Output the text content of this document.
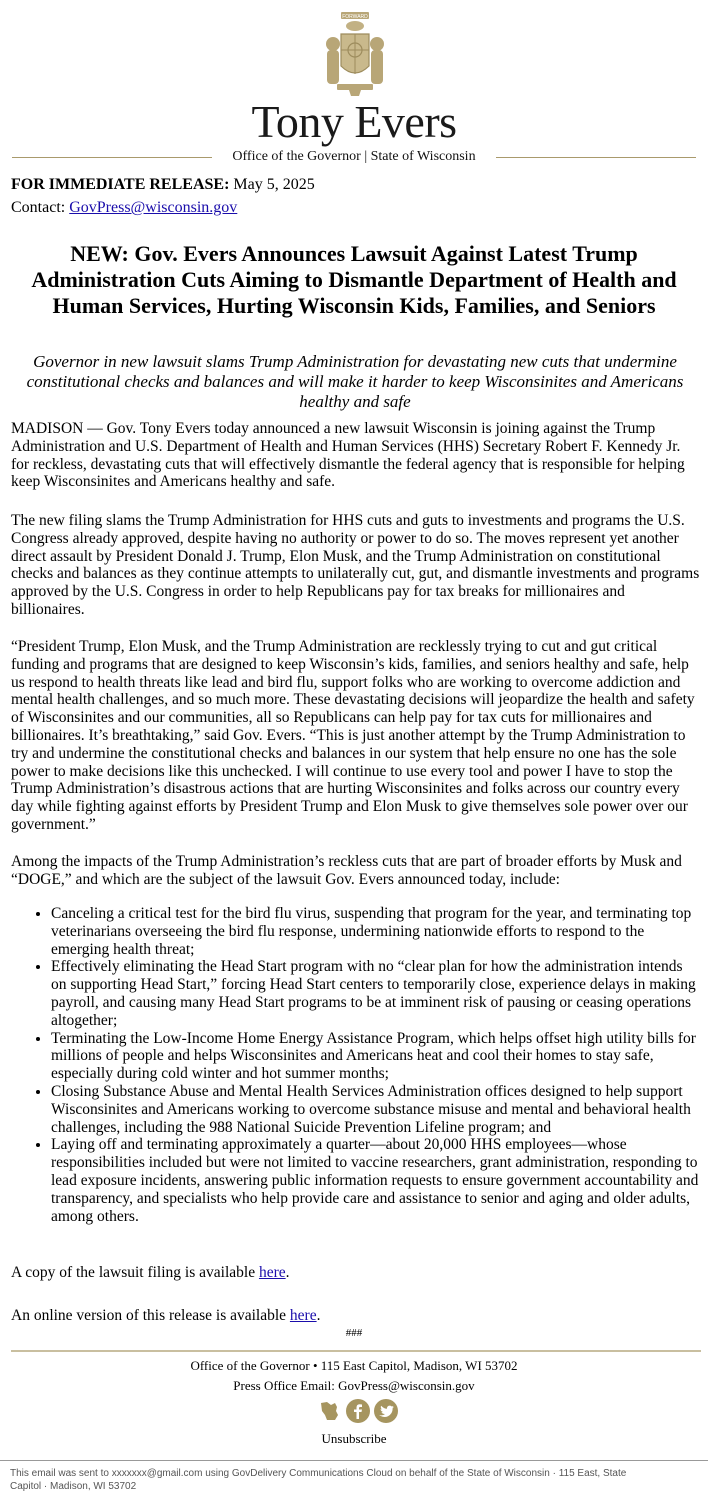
FORWARD
Tony Evers
Office of the Governor | State of Wisconsin
FOR IMMEDIATE RELEASE: May 5, 2025
Contact: GovPress@wisconsin.gov
NEW: Gov. Evers Announces Lawsuit Against Latest Trump Administration Cuts Aiming to Dismantle Department of Health and Human Services, Hurting Wisconsin Kids, Families, and Seniors

Governor in new lawsuit slams Trump Administration for devastating new cuts that undermine constitutional checks and balances and will make it harder to keep Wisconsinites and Americans healthy and safe

MADISON — Gov. Tony Evers today announced a new lawsuit Wisconsin is joining against the Trump Administration and U.S. Department of Health and Human Services (HHS) Secretary Robert F. Kennedy Jr. for reckless, devastating cuts that will effectively dismantle the federal agency that is responsible for helping keep Wisconsinites and Americans healthy and safe.

The new filing slams the Trump Administration for HHS cuts and guts to investments and programs the U.S. Congress already approved, despite having no authority or power to do so. The moves represent yet another direct assault by President Donald J. Trump, Elon Musk, and the Trump Administration on constitutional checks and balances as they continue attempts to unilaterally cut, gut, and dismantle investments and programs approved by the U.S. Congress in order to help Republicans pay for tax breaks for millionaires and billionaires.

“President Trump, Elon Musk, and the Trump Administration are recklessly trying to cut and gut critical funding and programs that are designed to keep Wisconsin’s kids, families, and seniors healthy and safe, help us respond to health threats like lead and bird flu, support folks who are working to overcome addiction and mental health challenges, and so much more. These devastating decisions will jeopardize the health and safety of Wisconsinites and our communities, all so Republicans can help pay for tax cuts for millionaires and billionaires. It’s breathtaking,” said Gov. Evers. “This is just another attempt by the Trump Administration to try and undermine the constitutional checks and balances in our system that help ensure no one has the sole power to make decisions like this unchecked. I will continue to use every tool and power I have to stop the Trump Administration’s disastrous actions that are hurting Wisconsinites and folks across our country every day while fighting against efforts by President Trump and Elon Musk to give themselves sole power over our government.”

Among the impacts of the Trump Administration’s reckless cuts that are part of broader efforts by Musk and “DOGE,” and which are the subject of the lawsuit Gov. Evers announced today, include:

• Canceling a critical test for the bird flu virus, suspending that program for the year, and terminating top veterinarians overseeing the bird flu response, undermining nationwide efforts to respond to the emerging health threat;
• Effectively eliminating the Head Start program with no “clear plan for how the administration intends on supporting Head Start,” forcing Head Start centers to temporarily close, experience delays in making payroll, and causing many Head Start programs to be at imminent risk of pausing or ceasing operations altogether;
• Terminating the Low-Income Home Energy Assistance Program, which helps offset high utility bills for millions of people and helps Wisconsinites and Americans heat and cool their homes to stay safe, especially during cold winter and hot summer months;
• Closing Substance Abuse and Mental Health Services Administration offices designed to help support Wisconsinites and Americans working to overcome substance misuse and mental and behavioral health challenges, including the 988 National Suicide Prevention Lifeline program; and
• Laying off and terminating approximately a quarter—about 20,000 HHS employees—whose responsibilities included but were not limited to vaccine researchers, grant administration, responding to lead exposure incidents, answering public information requests to ensure government accountability and transparency, and specialists who help provide care and assistance to senior and aging and older adults, among others.

A copy of the lawsuit filing is available here.

An online version of this release is available here.

###
Office of the Governor • 115 East Capitol, Madison, WI 53702
Press Office Email: GovPress@wisconsin.gov
Unsubscribe
This email was sent to xxxxxxx@gmail.com using GovDelivery Communications Cloud on behalf of the State of Wisconsin · 115 East, State Capitol · Madison, WI 53702
